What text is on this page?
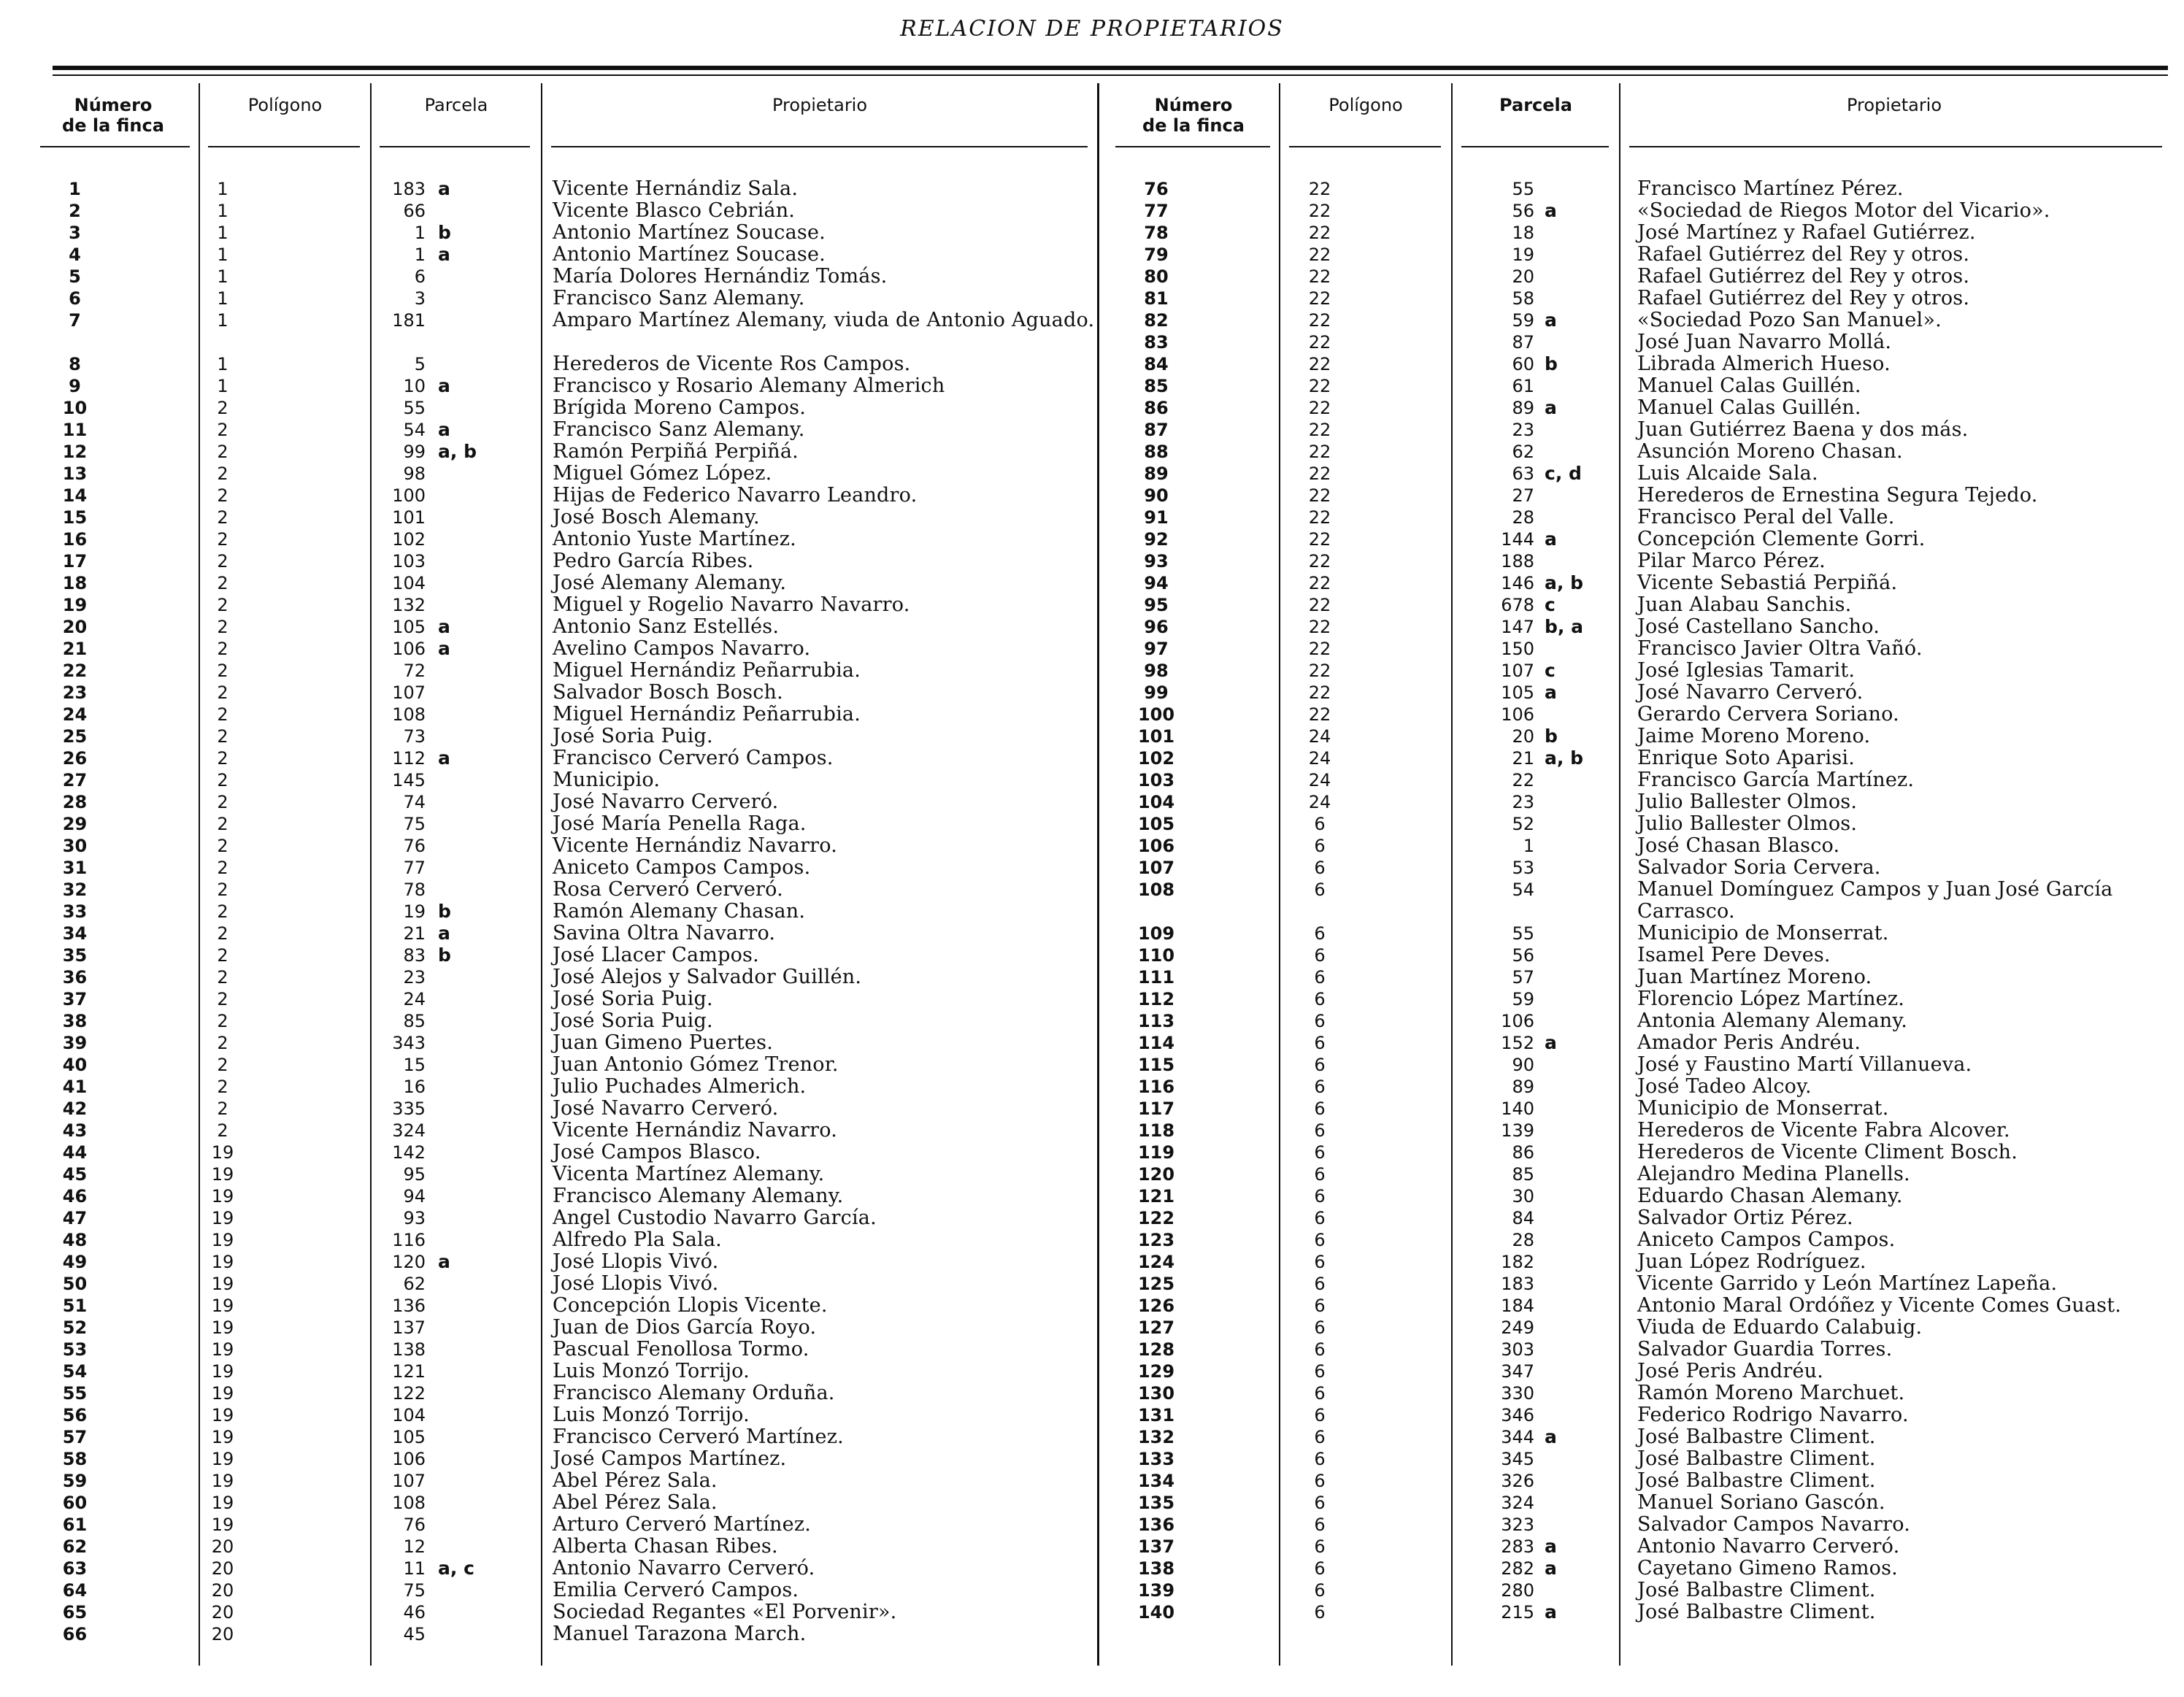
RELACION DE PROPIETARIOS
Número
de la finca
Polígono	Parcela	Propietario
1	1	183 a	Vicente Hernándiz Sala.
2	1	66	Vicente Blasco Cebrián.
3	1	1 b	Antonio Martínez Soucase.
4	1	1 a	Antonio Martínez Soucase.
5	1	6	María Dolores Hernándiz Tomás.
6	1	3	Francisco Sanz Alemany.
7	1	181	Amparo Martínez Alemany, viuda de Antonio Aguado.
8	1	5	Herederos de Vicente Ros Campos.
9	1	10 a	Francisco y Rosario Alemany Almerich
10	2	55	Brígida Moreno Campos.
11	2	54 a	Francisco Sanz Alemany.
12	2	99 a, b	Ramón Perpiñá Perpiñá.
13	2	98	Miguel Gómez López.
14	2	100	Hijas de Federico Navarro Leandro.
15	2	101	José Bosch Alemany.
16	2	102	Antonio Yuste Martínez.
17	2	103	Pedro García Ribes.
18	2	104	José Alemany Alemany.
19	2	132	Miguel y Rogelio Navarro Navarro.
20	2	105 a	Antonio Sanz Estellés.
21	2	106 a	Avelino Campos Navarro.
22	2	72	Miguel Hernándiz Peñarrubia.
23	2	107	Salvador Bosch Bosch.
24	2	108	Miguel Hernándiz Peñarrubia.
25	2	73	José Soria Puig.
26	2	112 a	Francisco Cerveró Campos.
27	2	145	Municipio.
28	2	74	José Navarro Cerveró.
29	2	75	José María Penella Raga.
30	2	76	Vicente Hernándiz Navarro.
31	2	77	Aniceto Campos Campos.
32	2	78	Rosa Cerveró Cerveró.
33	2	19 b	Ramón Alemany Chasan.
34	2	21 a	Savina Oltra Navarro.
35	2	83 b	José Llacer Campos.
36	2	23	José Alejos y Salvador Guillén.
37	2	24	José Soria Puig.
38	2	85	José Soria Puig.
39	2	343	Juan Gimeno Puertes.
40	2	15	Juan Antonio Gómez Trenor.
41	2	16	Julio Puchades Almerich.
42	2	335	José Navarro Cerveró.
43	2	324	Vicente Hernándiz Navarro.
44	19	142	José Campos Blasco.
45	19	95	Vicenta Martínez Alemany.
46	19	94	Francisco Alemany Alemany.
47	19	93	Angel Custodio Navarro García.
48	19	116	Alfredo Pla Sala.
49	19	120 a	José Llopis Vivó.
50	19	62	José Llopis Vivó.
51	19	136	Concepción Llopis Vicente.
52	19	137	Juan de Dios García Royo.
53	19	138	Pascual Fenollosa Tormo.
54	19	121	Luis Monzó Torrijo.
55	19	122	Francisco Alemany Orduña.
56	19	104	Luis Monzó Torrijo.
57	19	105	Francisco Cerveró Martínez.
58	19	106	José Campos Martínez.
59	19	107	Abel Pérez Sala.
60	19	108	Abel Pérez Sala.
61	19	76	Arturo Cerveró Martínez.
62	20	12	Alberta Chasan Ribes.
63	20	11 a, c	Antonio Navarro Cerveró.
64	20	75	Emilia Cerveró Campos.
65	20	46	Sociedad Regantes «El Porvenir».
66	20	45	Manuel Tarazona March.
Número
de la finca
Polígono	Parcela	Propietario
76	22	55	Francisco Martínez Pérez.
77	22	56 a	«Sociedad de Riegos Motor del Vicario».
78	22	18	José Martínez y Rafael Gutiérrez.
79	22	19	Rafael Gutiérrez del Rey y otros.
80	22	20	Rafael Gutiérrez del Rey y otros.
81	22	58	Rafael Gutiérrez del Rey y otros.
82	22	59 a	«Sociedad Pozo San Manuel».
83	22	87	José Juan Navarro Mollá.
84	22	60 b	Librada Almerich Hueso.
85	22	61	Manuel Calas Guillén.
86	22	89 a	Manuel Calas Guillén.
87	22	23	Juan Gutiérrez Baena y dos más.
88	22	62	Asunción Moreno Chasan.
89	22	63 c, d	Luis Alcaide Sala.
90	22	27	Herederos de Ernestina Segura Tejedo.
91	22	28	Francisco Peral del Valle.
92	22	144 a	Concepción Clemente Gorri.
93	22	188	Pilar Marco Pérez.
94	22	146 a, b	Vicente Sebastiá Perpiñá.
95	22	678 c	Juan Alabau Sanchis.
96	22	147 b, a	José Castellano Sancho.
97	22	150	Francisco Javier Oltra Vañó.
98	22	107 c	José Iglesias Tamarit.
99	22	105 a	José Navarro Cerveró.
100	22	106	Gerardo Cervera Soriano.
101	24	20 b	Jaime Moreno Moreno.
102	24	21 a, b	Enrique Soto Aparisi.
103	24	22	Francisco García Martínez.
104	24	23	Julio Ballester Olmos.
105	6	52	Julio Ballester Olmos.
106	6	1	José Chasan Blasco.
107	6	53	Salvador Soria Cervera.
108	6	54	Manuel Domínguez Campos y Juan José García Carrasco.
109	6	55	Municipio de Monserrat.
110	6	56	Isamel Pere Deves.
111	6	57	Juan Martínez Moreno.
112	6	59	Florencio López Martínez.
113	6	106	Antonia Alemany Alemany.
114	6	152 a	Amador Peris Andréu.
115	6	90	José y Faustino Martí Villanueva.
116	6	89	José Tadeo Alcoy.
117	6	140	Municipio de Monserrat.
118	6	139	Herederos de Vicente Fabra Alcover.
119	6	86	Herederos de Vicente Climent Bosch.
120	6	85	Alejandro Medina Planells.
121	6	30	Eduardo Chasan Alemany.
122	6	84	Salvador Ortiz Pérez.
123	6	28	Aniceto Campos Campos.
124	6	182	Juan López Rodríguez.
125	6	183	Vicente Garrido y León Martínez Lapeña.
126	6	184	Antonio Maral Ordóñez y Vicente Comes Guast.
127	6	249	Viuda de Eduardo Calabuig.
128	6	303	Salvador Guardia Torres.
129	6	347	José Peris Andréu.
130	6	330	Ramón Moreno Marchuet.
131	6	346	Federico Rodrigo Navarro.
132	6	344 a	José Balbastre Climent.
133	6	345	José Balbastre Climent.
134	6	326	José Balbastre Climent.
135	6	324	Manuel Soriano Gascón.
136	6	323	Salvador Campos Navarro.
137	6	283 a	Antonio Navarro Cerveró.
138	6	282 a	Cayetano Gimeno Ramos.
139	6	280	José Balbastre Climent.
140	6	215 a	José Balbastre Climent.
